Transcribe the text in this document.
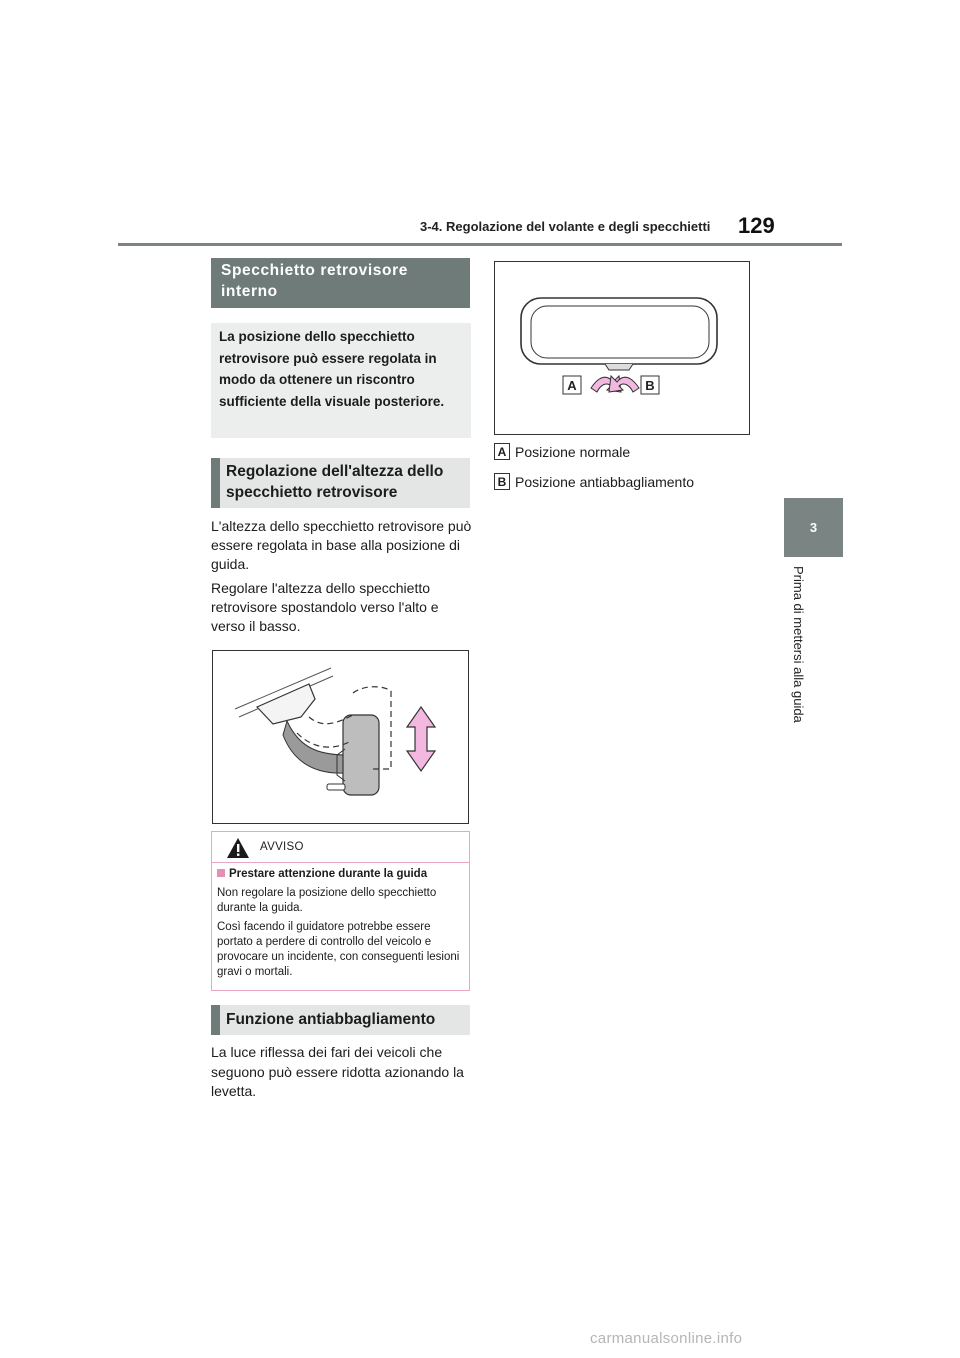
3-4. Regolazione del volante e degli specchietti 129
3
Prima di mettersi alla guida
Specchietto retrovisore interno
La posizione dello specchietto retrovisore può essere regolata in modo da ottenere un riscontro sufficiente della visuale posteriore.
Regolazione dell'altezza dello specchietto retrovisore
L'altezza dello specchietto retrovisore può essere regolata in base alla posizione di guida.
Regolare l'altezza dello specchietto retrovisore spostandolo verso l'alto e verso il basso.
AVVISO

Prestare attenzione durante la guida

Non regolare la posizione dello specchietto durante la guida.

Così facendo il guidatore potrebbe essere portato a perdere di controllo del veicolo e provocare un incidente, con conseguenti lesioni gravi o mortali.

Funzione antiabbagliamento
La luce riflessa dei fari dei veicoli che seguono può essere ridotta azionando la levetta.
A	B
A Posizione normale
B Posizione antiabbagliamento
carmanualsonline.info
